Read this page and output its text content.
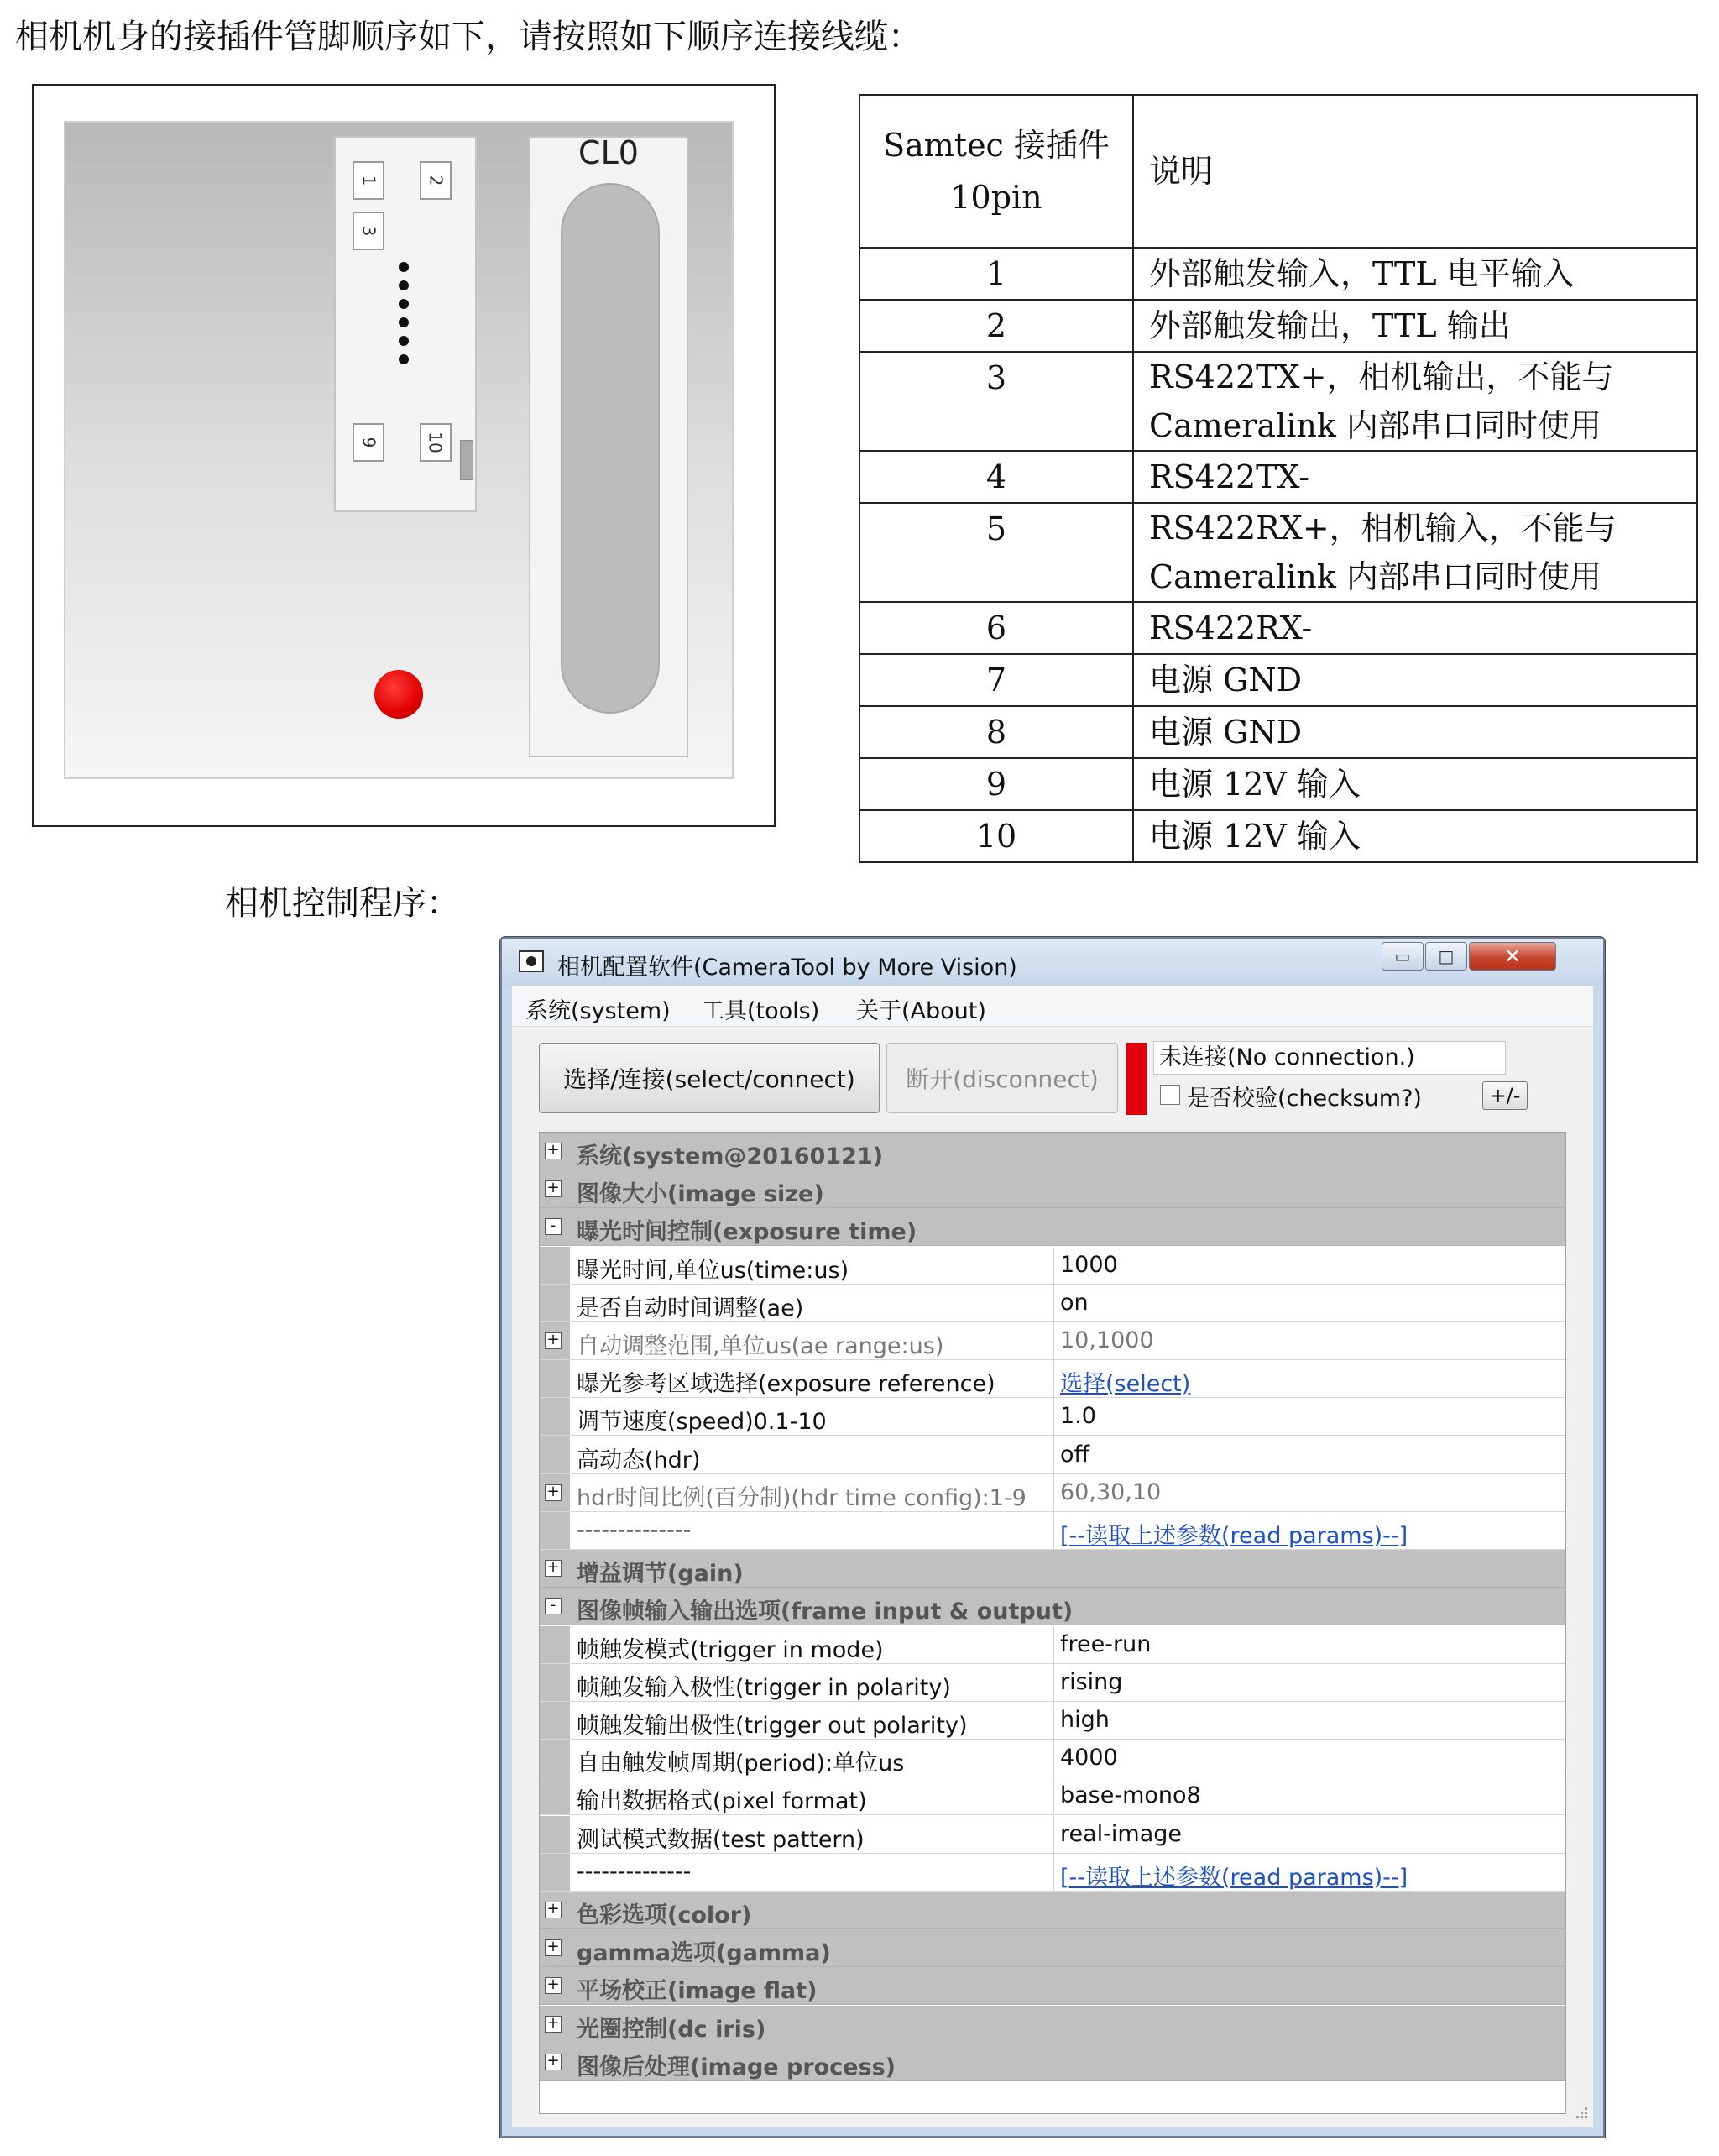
相机机身的接插件管脚顺序如下，请按照如下顺序连接线缆：
1	2
3
9	10
CL0	Samtec 接插件 10pin	说明
1	外部触发输入，TTL 电平输入
2	外部触发输出，TTL 输出
3	RS422TX+，相机输出，不能与 Cameralink 内部串口同时使用
4	RS422TX-
5	RS422RX+，相机输入，不能与 Cameralink 内部串口同时使用
6	RS422RX-
7	电源 GND
8	电源 GND
9	电源 12V 输入
10	电源 12V 输入
相机控制程序：
相机配置软件(CameraTool by More Vision)	▭	□	✕
系统(system) 工具(tools) 关于(About)
选择/连接(select/connect)	断开(disconnect)
未连接(No connection.)
是否校验(checksum?)	+/-
+ 系统(system@20160121)
+ 图像大小(image size)
- 曝光时间控制(exposure time)
曝光时间,单位us(time:us)	1000
是否自动时间调整(ae)	on
+ 自动调整范围,单位us(ae range:us)	10,1000
曝光参考区域选择(exposure reference)	选择(select)
调节速度(speed)0.1-10	1.0
高动态(hdr)	off
+ hdr时间比例(百分制)(hdr time config):1-9 60,30,10
--------------	[--读取上述参数(read params)--]
+ 增益调节(gain)
- 图像帧输入输出选项(frame input & output)
帧触发模式(trigger in mode)	free-run
帧触发输入极性(trigger in polarity)	rising
帧触发输出极性(trigger out polarity)	high
自由触发帧周期(period):单位us	4000
输出数据格式(pixel format)	base-mono8
测试模式数据(test pattern)	real-image
--------------	[--读取上述参数(read params)--]
+ 色彩选项(color)
+ gamma选项(gamma)
+ 平场校正(image flat)
+ 光圈控制(dc iris)
+ 图像后处理(image process)
